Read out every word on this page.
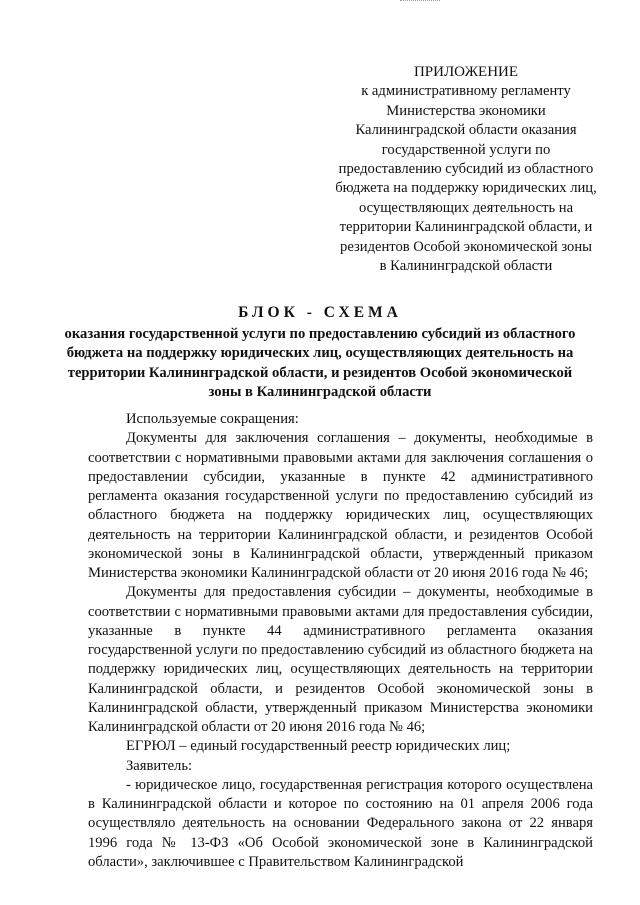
ПРИЛОЖЕНИЕ
к административному регламенту Министерства экономики Калининградской области оказания государственной услуги по предоставлению субсидий из областного бюджета на поддержку юридических лиц, осуществляющих деятельность на территории Калининградской области, и резидентов Особой экономической зоны в Калининградской области
БЛОК - СХЕМА
оказания государственной услуги по предоставлению субсидий из областного бюджета на поддержку юридических лиц, осуществляющих деятельность на территории Калининградской области, и резидентов Особой экономической зоны в Калининградской области

Используемые сокращения:

Документы для заключения соглашения – документы, необходимые в соответствии с нормативными правовыми актами для заключения соглашения о предоставлении субсидии, указанные в пункте 42 административного регламента оказания государственной услуги по предоставлению субсидий из областного бюджета на поддержку юридических лиц, осуществляющих деятельность на территории Калининградской области, и резидентов Особой экономической зоны в Калининградской области, утвержденный приказом Министерства экономики Калининградской области от 20 июня 2016 года № 46;

Документы для предоставления субсидии – документы, необходимые в соответствии с нормативными правовыми актами для предоставления субсидии, указанные в пункте 44 административного регламента оказания государственной услуги по предоставлению субсидий из областного бюджета на поддержку юридических лиц, осуществляющих деятельность на территории Калининградской области, и резидентов Особой экономической зоны в Калининградской области, утвержденный приказом Министерства экономики Калининградской области от 20 июня 2016 года № 46;

ЕГРЮЛ – единый государственный реестр юридических лиц;

Заявитель:

- юридическое лицо, государственная регистрация которого осуществлена в Калининградской области и которое по состоянию на 01 апреля 2006 года осуществляло деятельность на основании Федерального закона от 22 января 1996 года № 13-ФЗ «Об Особой экономической зоне в Калининградской области», заключившее с Правительством Калининградской
